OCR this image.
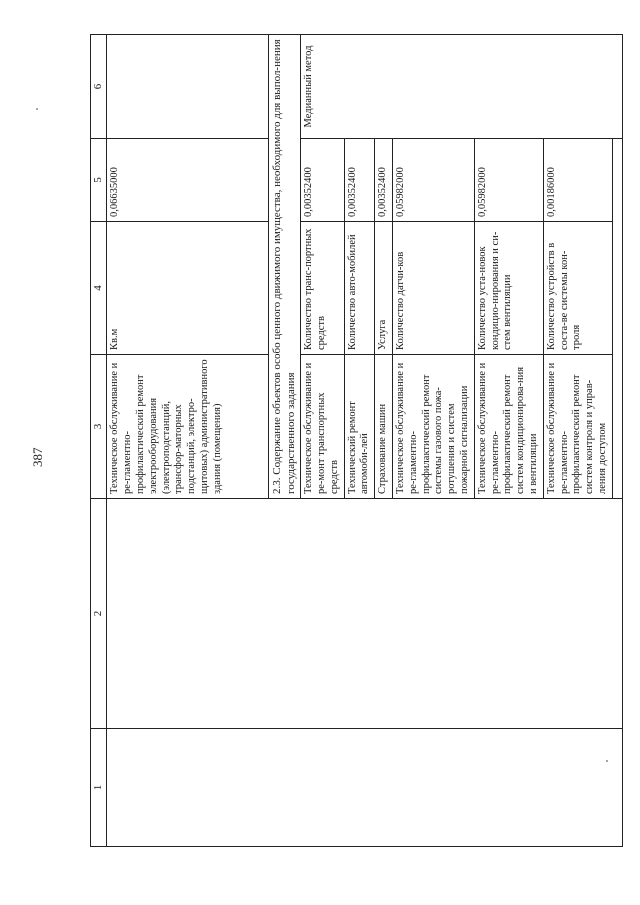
387
1	2	3	4	5	6
		Техническое обслуживание и ре-гламентно-профилактический ремонт электрооборудования (электроподстанций, трансфор-маторных подстанций, электро-щитовых) административного здания (помещения)	Кв.м	0,06635000	
		2.3. Содержание объектов особо ценного движимого имущества, необходимого для выпол-нения государственного задания			
		Техническое обслуживание и ре-монт транспортных средств	Количество транс-портных средств	0,00352400	Медианный метод
		Технический ремонт автомоби-лей	Количество авто-мобилей	0,00352400	
		Страхование машин	Услуга	0,00352400	
		Техническое обслуживание и ре-гламентно-профилактический ремонт системы газового пожа-ротушения и систем пожарной сигнализации	Количество датчи-ков	0,05982000	
		Техническое обслуживание и ре-гламентно-профилактический ремонт систем кондиционирова-ния и вентиляции	Количество уста-новок кондицио-нирования и си-стем вентиляции	0,05982000	
		Техническое обслуживание и ре-гламентно-профилактический ремонт систем контроля и управ-ления доступом	Количество устройств в соста-ве системы кон-троля	0,00186000	
